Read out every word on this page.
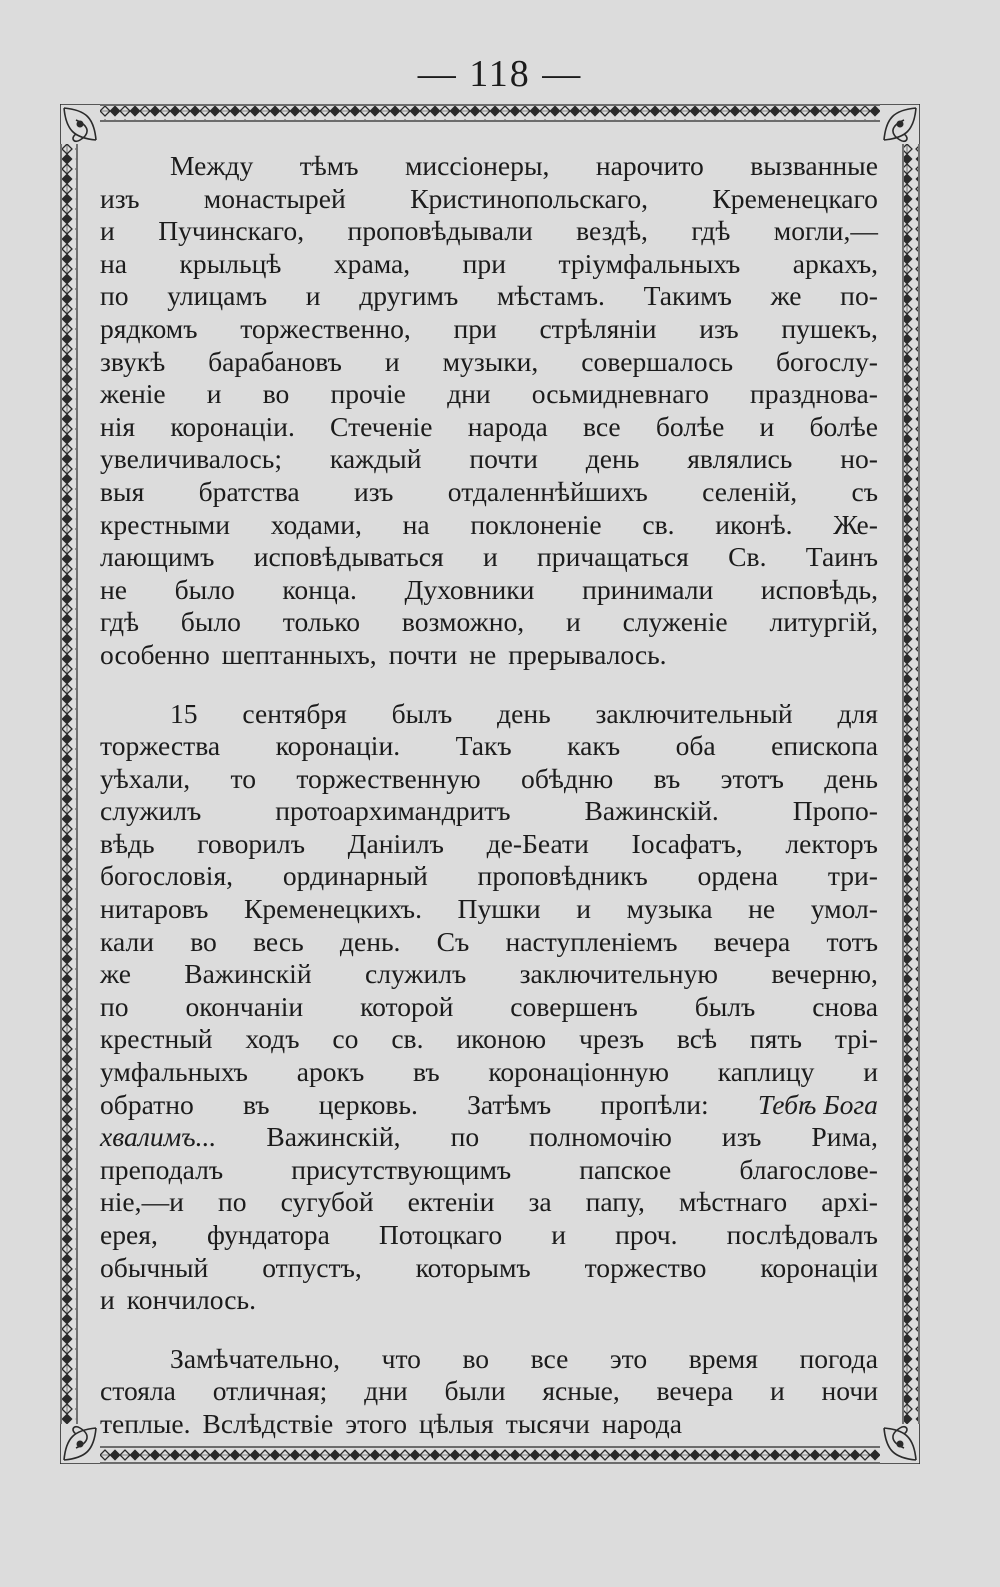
— 118 —
Между тѣмъ миссіонеры, нарочито вызванные
изъ монастырей Кристинопольскаго, Кременецкаго
и Пучинскаго, проповѣдывали вездѣ, гдѣ могли,—
на крыльцѣ храма, при тріумфальныхъ аркахъ,
по улицамъ и другимъ мѣстамъ. Такимъ же по-
рядкомъ торжественно, при стрѣляніи изъ пушекъ,
звукѣ барабановъ и музыки, совершалось богослу-
женіе и во прочіе дни осьмидневнаго празднова-
нія коронаціи. Стеченіе народа все болѣе и болѣе
увеличивалось; каждый почти день являлись но-
выя братства изъ отдаленнѣйшихъ селеній, съ
крестными ходами, на поклоненіе св. иконѣ. Же-
лающимъ исповѣдываться и причащаться Св. Таинъ
не было конца. Духовники принимали исповѣдь,
гдѣ было только возможно, и служеніе литургій,
особенно шептанныхъ, почти не прерывалось.
15 сентября былъ день заключительный для
торжества коронаціи. Такъ какъ оба епископа
уѣхали, то торжественную обѣдню въ этотъ день
служилъ	протоархимандритъ	Важинскій.	Пропо-
вѣдь говорилъ Даніилъ де-Беати Іосафатъ, лекторъ
богословія, ординарный проповѣдникъ ордена три-
нитаровъ Кременецкихъ. Пушки и музыка не умол-
кали во весь день. Съ наступленіемъ вечера тотъ
же Важинскій служилъ заключительную вечерню,
по окончаніи которой совершенъ былъ снова
крестный ходъ со св. иконою чрезъ всѣ пять трі-
умфальныхъ арокъ въ коронаціонную каплицу и
обратно въ церковь. Затѣмъ пропѣли: Тебѣ Бога
хвалимъ... Важинскій, по полномочію изъ Рима,
преподалъ присутствующимъ папское благослове-
ніе,—и по сугубой ектеніи за папу, мѣстнаго архі-
ерея, фундатора Потоцкаго и проч. послѣдовалъ
обычный отпустъ, которымъ торжество коронаціи
и кончилось.
Замѣчательно, что во все это время погода
стояла отличная; дни были ясные, вечера и ночи
теплые. Вслѣдствіе этого цѣлыя тысячи народа
